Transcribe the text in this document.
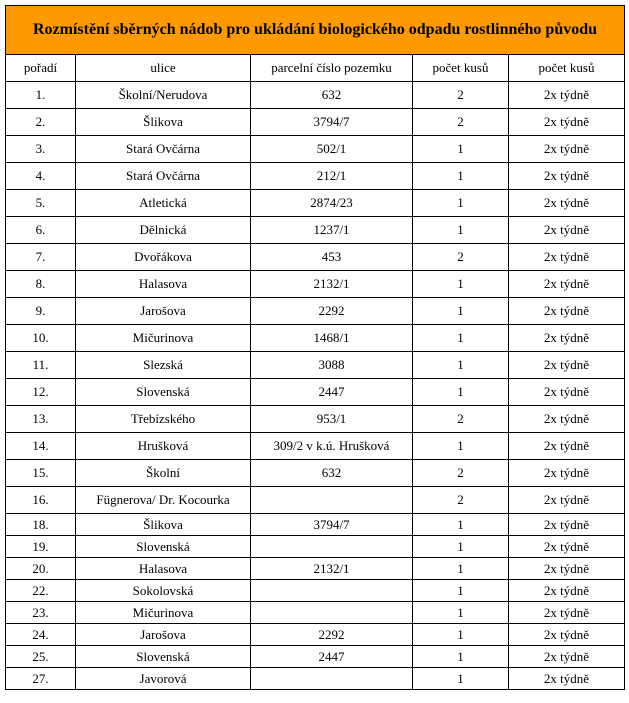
Rozmístění sběrných nádob pro ukládání biologického odpadu rostlinného původu				
pořadí	ulice	parcelní číslo pozemku	počet kusů	počet kusů
1.	Školní/Nerudova	632	2	2x týdně
2.	Šlikova	3794/7	2	2x týdně
3.	Stará Ovčárna	502/1	1	2x týdně
4.	Stará Ovčárna	212/1	1	2x týdně
5.	Atletická	2874/23	1	2x týdně
6.	Dělnická	1237/1	1	2x týdně
7.	Dvořákova	453	2	2x týdně
8.	Halasova	2132/1	1	2x týdně
9.	Jarošova	2292	1	2x týdně
10.	Mičurinova	1468/1	1	2x týdně
11.	Slezská	3088	1	2x týdně
12.	Slovenská	2447	1	2x týdně
13.	Třebízského	953/1	2	2x týdně
14.	Hrušková	309/2 v k.ú. Hrušková	1	2x týdně
15.	Školní	632	2	2x týdně
16.	Fügnerova/ Dr. Kocourka		2	2x týdně
18.	Šlikova	3794/7	1	2x týdně
19.	Slovenská		1	2x týdně
20.	Halasova	2132/1	1	2x týdně
22.	Sokolovská		1	2x týdně
23.	Mičurinova		1	2x týdně
24.	Jarošova	2292	1	2x týdně
25.	Slovenská	2447	1	2x týdně
27.	Javorová		1	2x týdně
